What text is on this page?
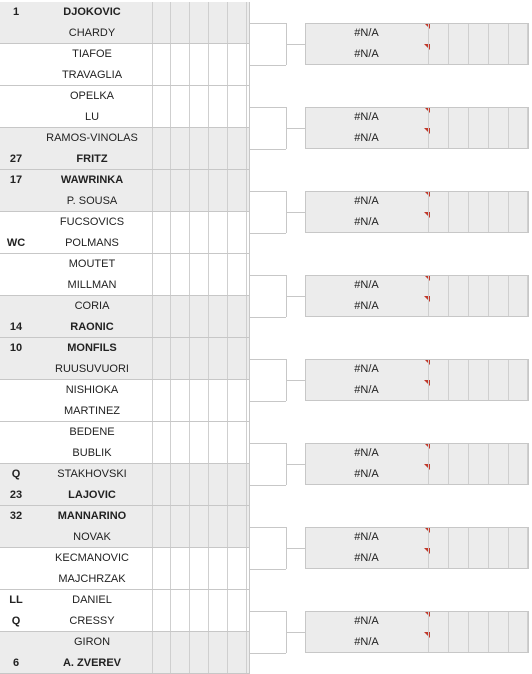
1	DJOKOVIC
CHARDY
TIAFOE
TRAVAGLIA
OPELKA
LU
RAMOS-VINOLAS
27	FRITZ
17	WAWRINKA
P. SOUSA
FUCSOVICS
WC	POLMANS
MOUTET
MILLMAN
CORIA
14	RAONIC
10	MONFILS
RUUSUVUORI
NISHIOKA
MARTINEZ
BEDENE
BUBLIK
Q	STAKHOVSKI
23	LAJOVIC
32	MANNARINO
NOVAK
KECMANOVIC
MAJCHRZAK
LL	DANIEL
Q	CRESSY
GIRON
6	A. ZVEREV
#N/A
#N/A
#N/A
#N/A
#N/A
#N/A
#N/A
#N/A
#N/A
#N/A
#N/A
#N/A
#N/A
#N/A
#N/A
#N/A
